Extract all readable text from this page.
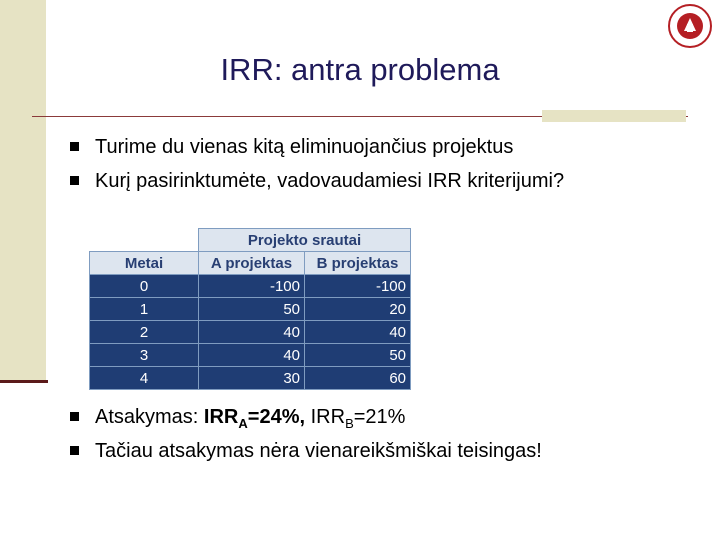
IRR: antra problema
Turime du vienas kitą eliminuojančius projektus
Kurį pasirinktumėte, vadovaudamiesi IRR kriterijumi?
	Projekto srautai	
Metai	A projektas	B projektas
0	-100	-100
1	50	20
2	40	40
3	40	50
4	30	60
Atsakymas: $IRR_A=24\%$, $IRR_B=21\%$
Tačiau atsakymas nėra vienareikšmiškai teisingas!
